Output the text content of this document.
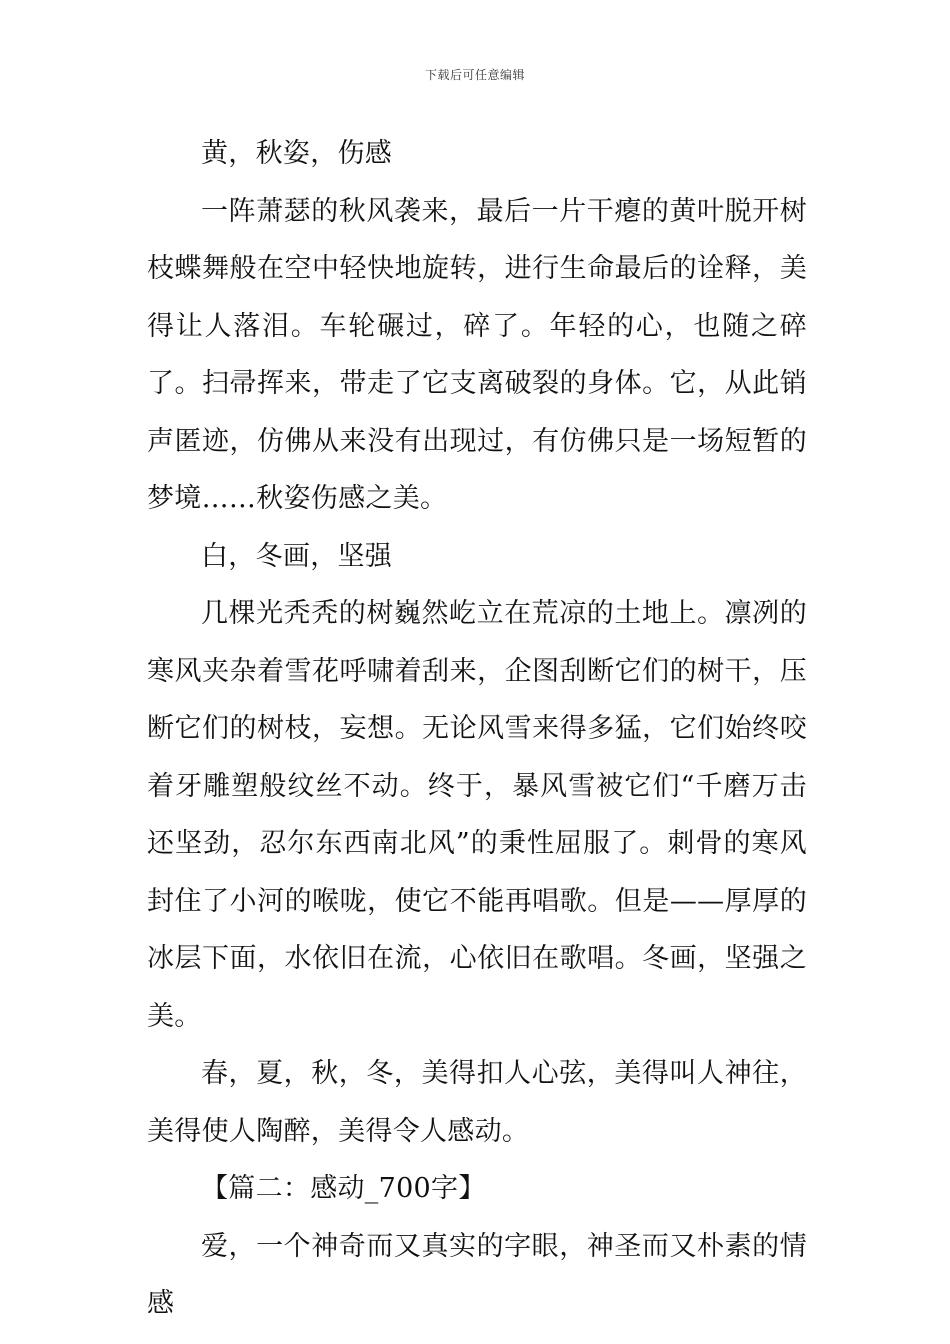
下载后可任意编辑

黄，秋姿，伤感

一阵萧瑟的秋风袭来，最后一片干瘪的黄叶脱开树枝蝶舞般在空中轻快地旋转，进行生命最后的诠释，美得让人落泪。车轮碾过，碎了。年轻的心，也随之碎了。扫帚挥来，带走了它支离破裂的身体。它，从此销声匿迹，仿佛从来没有出现过，有仿佛只是一场短暂的梦境……秋姿伤感之美。

白，冬画，坚强

几棵光秃秃的树巍然屹立在荒凉的土地上。凛冽的寒风夹杂着雪花呼啸着刮来，企图刮断它们的树干，压断它们的树枝，妄想。无论风雪来得多猛，它们始终咬着牙雕塑般纹丝不动。终于，暴风雪被它们“千磨万击还坚劲，忍尔东西南北风”的秉性屈服了。刺骨的寒风封住了小河的喉咙，使它不能再唱歌。但是——厚厚的冰层下面，水依旧在流，心依旧在歌唱。冬画，坚强之美。

春，夏，秋，冬，美得扣人心弦，美得叫人神往，美得使人陶醉，美得令人感动。

【篇二：感动_700字】

爱，一个神奇而又真实的字眼，神圣而又朴素的情感
